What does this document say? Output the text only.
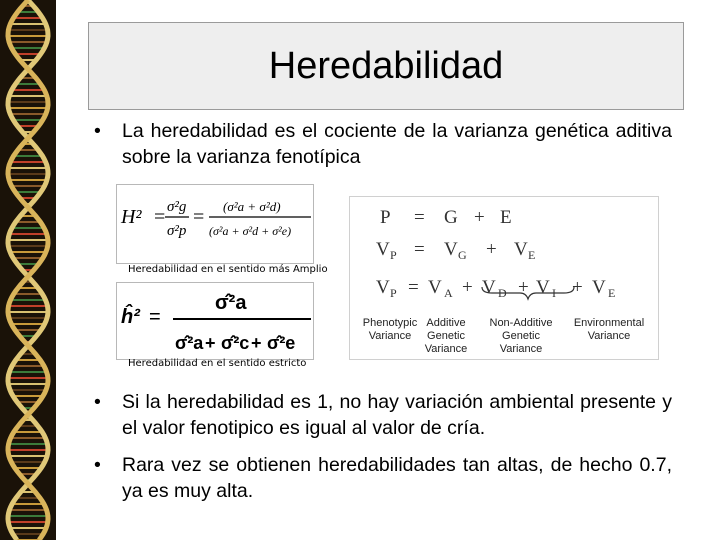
Heredabilidad
• La heredabilidad es el cociente de la varianza genética aditiva sobre la varianza fenotípica
H² = σ²g
σ²p
= (σ²a + σ²d)
(σ²a + σ²d + σ²e)
Heredabilidad en el sentido más Amplio
ĥ² =
σ̂²a
σ̂²a + σ̂²c + σ̂²e
Heredabilidad en el sentido estricto
P = G + E
V P = V G + V E
V P = V A + V D + V I + V E
Phenotypic
Variance
Additive
Genetic
Variance
Non-Additive
Genetic
Variance
Environmental
Variance
• Si la heredabilidad es 1, no hay variación ambiental presente y el valor fenotipico es igual al valor de cría.
• Rara vez se obtienen heredabilidades tan altas, de hecho 0.7, ya es muy alta.
